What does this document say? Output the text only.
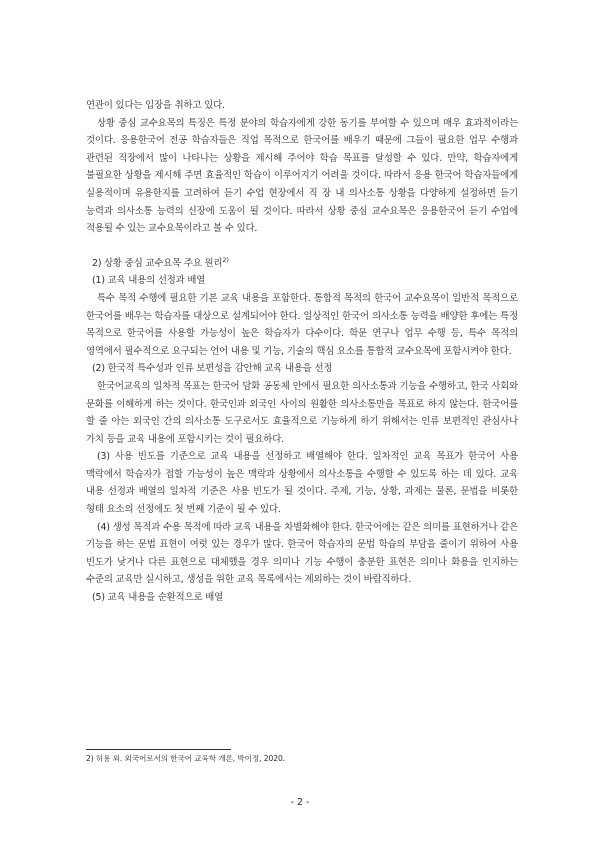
연관이 있다는 입장을 취하고 있다.

상황 중심 교수요목의 특징은 특정 분야의 학습자에게 강한 동기를 부여할 수 있으며 매우 효과적이라는 것이다. 응용한국어 전공 학습자들은 직업 목적으로 한국어를 배우기 때문에 그들이 필요한 업무 수행과 관련된 직장에서 많이 나타나는 상황을 제시해 주어야 학습 목표를 달성할 수 있다. 만약, 학습자에게 불필요한 상황을 제시해 주면 효율적인 학습이 이루어지기 어려울 것이다. 따라서 응용 한국어 학습자들에게 실용적이며 유용한지를 고려하여 듣기 수업 현장에서 직 장 내 의사소통 상황을 다양하게 설정하면 듣기 능력과 의사소통 능력의 신장에 도움이 될 것이다. 따라서 상황 중심 교수요목은 응용한국어 듣기 수업에 적용될 수 있는 교수요목이라고 볼 수 있다.

2) 상황 중심 교수요목 주요 원리$^{2)}$
(1) 교육 내용의 선정과 배열

특수 목적 수행에 필요한 기본 교육 내용을 포함한다. 통합적 목적의 한국어 교수요목이 일반적 목적으로 한국어를 배우는 학습자를 대상으로 설계되어야 한다. 일상적인 한국어 의사소통 능력을 배양한 후에는 특정 목적으로 한국어를 사용할 가능성이 높은 학습자가 다수이다. 학문 연구나 업무 수행 등, 특수 목적의 영역에서 필수적으로 요구되는 언어 내용 및 기능, 기술의 핵심 요소를 통합적 교수요목에 포함시켜야 한다.

(2) 한국적 특수성과 인류 보편성을 감안해 교육 내용을 선정

한국어교육의 일차적 목표는 한국어 담화 공동체 안에서 필요한 의사소통과 기능을 수행하고, 한국 사회와 문화를 이해하게 하는 것이다. 한국인과 외국인 사이의 원활한 의사소통만을 목표로 하지 않는다. 한국어를 할 줄 아는 외국인 간의 의사소통 도구로서도 효율적으로 기능하게 하기 위해서는 인류 보편적인 관심사나 가치 등을 교육 내용에 포함시키는 것이 필요하다.

(3) 사용 빈도를 기준으로 교육 내용을 선정하고 배열해야 한다. 일차적인 교육 목표가 한국어 사용 맥락에서 학습자가 접할 가능성이 높은 맥락과 상황에서 의사소통을 수행할 수 있도록 하는 데 있다. 교육 내용 선정과 배열의 일차적 기준은 사용 빈도가 될 것이다. 주제, 기능, 상황, 과제는 물론, 문법을 비롯한 형태 요소의 선정에도 첫 번째 기준이 될 수 있다.

(4) 생성 목적과 수용 목적에 따라 교육 내용을 차별화해야 한다. 한국어에는 같은 의미를 표현하거나 같은 기능을 하는 문법 표현이 여럿 있는 경우가 많다. 한국어 학습자의 문법 학습의 부담을 줄이기 위하여 사용 빈도가 낮거나 다른 표현으로 대체했을 경우 의미나 기능 수행이 충분한 표현은 의미나 화용을 인지하는 수준의 교육만 실시하고, 생성을 위한 교육 목록에서는 제외하는 것이 바람직하다.

(5) 교육 내용을 순환적으로 배열
2) 허용 외. 외국어로서의 한국어 교육학 개론, 박이정, 2020.
- 2 -
